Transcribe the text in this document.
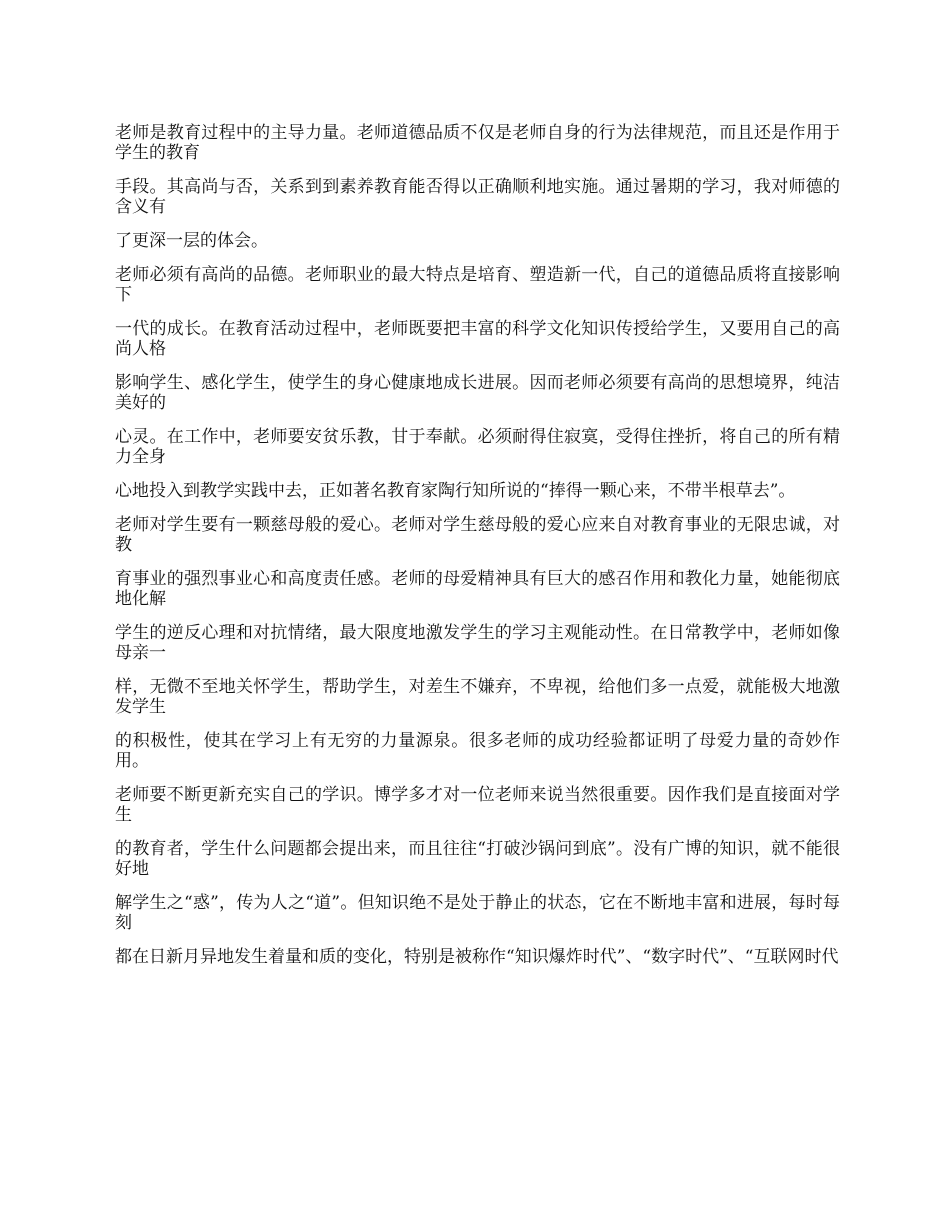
老师是教育过程中的主导力量。老师道德品质不仅是老师自身的行为法律规范，而且还是作用于学生的教育

手段。其高尚与否，关系到到素养教育能否得以正确顺利地实施。通过暑期的学习，我对师德的含义有

了更深一层的体会。

老师必须有高尚的品德。老师职业的最大特点是培育、塑造新一代，自己的道德品质将直接影响下

一代的成长。在教育活动过程中，老师既要把丰富的科学文化知识传授给学生，又要用自己的高尚人格

影响学生、感化学生，使学生的身心健康地成长进展。因而老师必须要有高尚的思想境界，纯洁美好的

心灵。在工作中，老师要安贫乐教，甘于奉献。必须耐得住寂寞，受得住挫折，将自己的所有精力全身

心地投入到教学实践中去，正如著名教育家陶行知所说的“捧得一颗心来，不带半根草去”。

老师对学生要有一颗慈母般的爱心。老师对学生慈母般的爱心应来自对教育事业的无限忠诚，对教

育事业的强烈事业心和高度责任感。老师的母爱精神具有巨大的感召作用和教化力量，她能彻底地化解

学生的逆反心理和对抗情绪，最大限度地激发学生的学习主观能动性。在日常教学中，老师如像母亲一

样，无微不至地关怀学生，帮助学生，对差生不嫌弃，不卑视，给他们多一点爱，就能极大地激发学生

的积极性，使其在学习上有无穷的力量源泉。很多老师的成功经验都证明了母爱力量的奇妙作用。

老师要不断更新充实自己的学识。博学多才对一位老师来说当然很重要。因作我们是直接面对学生

的教育者，学生什么问题都会提出来，而且往往“打破沙锅问到底”。没有广博的知识，就不能很好地

解学生之“惑”，传为人之“道”。但知识绝不是处于静止的状态，它在不断地丰富和进展，每时每刻

都在日新月异地发生着量和质的变化，特别是被称作“知识爆炸时代”、“数字时代”、“互联网时代
